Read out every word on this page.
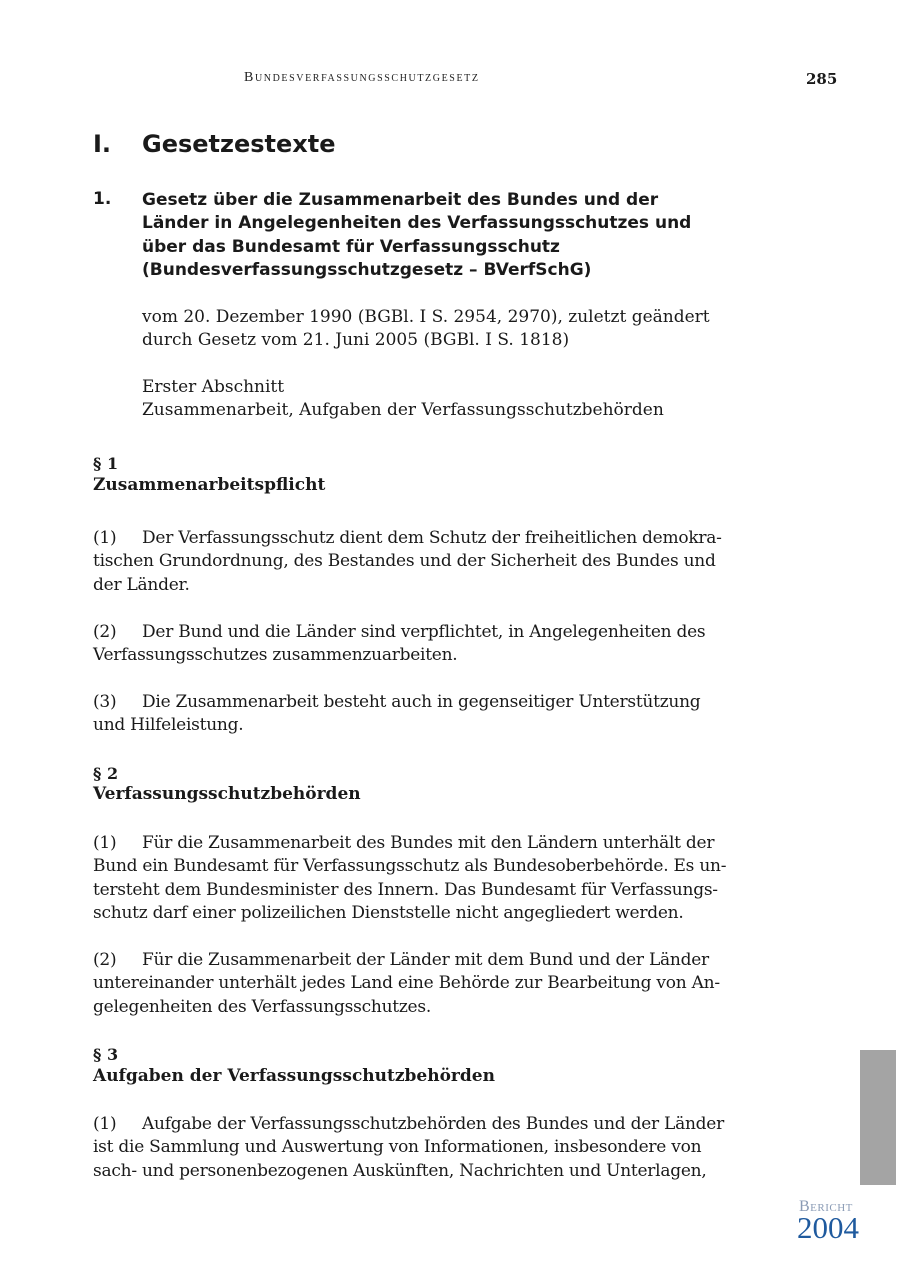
Bundesverfassungsschutzgesetz	285
I. Gesetzestexte
1. Gesetz über die Zusammenarbeit des Bundes und der
Länder in Angelegenheiten des Verfassungsschutzes und
über das Bundesamt für Verfassungsschutz
(Bundesverfassungsschutzgesetz – BVerfSchG)
vom 20. Dezember 1990 (BGBl. I S. 2954, 2970), zuletzt geändert
durch Gesetz vom 21. Juni 2005 (BGBl. I S. 1818)
Erster Abschnitt
Zusammenarbeit, Aufgaben der Verfassungsschutzbehörden
§ 1
Zusammenarbeitspflicht
(1) Der Verfassungsschutz dient dem Schutz der freiheitlichen demokra-
tischen Grundordnung, des Bestandes und der Sicherheit des Bundes und
der Länder.
(2) Der Bund und die Länder sind verpflichtet, in Angelegenheiten des
Verfassungsschutzes zusammenzuarbeiten.
(3) Die Zusammenarbeit besteht auch in gegenseitiger Unterstützung
und Hilfeleistung.
§ 2
Verfassungsschutzbehörden
(1) Für die Zusammenarbeit des Bundes mit den Ländern unterhält der
Bund ein Bundesamt für Verfassungsschutz als Bundesoberbehörde. Es un-
tersteht dem Bundesminister des Innern. Das Bundesamt für Verfassungs-
schutz darf einer polizeilichen Dienststelle nicht angegliedert werden.
(2) Für die Zusammenarbeit der Länder mit dem Bund und der Länder
untereinander unterhält jedes Land eine Behörde zur Bearbeitung von An-
gelegenheiten des Verfassungsschutzes.
§ 3
Aufgaben der Verfassungsschutzbehörden
(1) Aufgabe der Verfassungsschutzbehörden des Bundes und der Länder
ist die Sammlung und Auswertung von Informationen, insbesondere von
sach- und personenbezogenen Auskünften, Nachrichten und Unterlagen,
Bericht
2004
